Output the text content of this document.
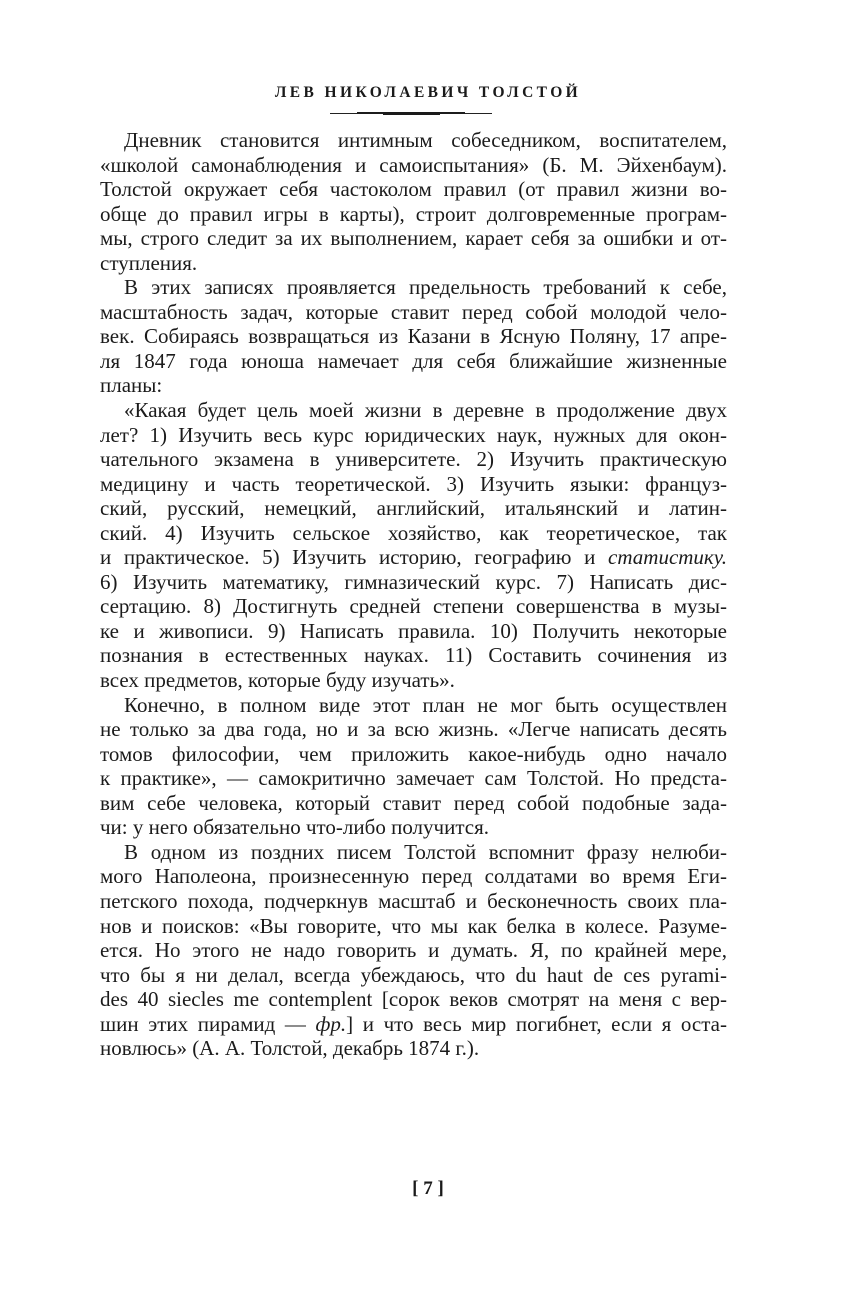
ЛЕВ НИКОЛАЕВИЧ ТОЛСТОЙ
Дневник становится интимным собеседником, воспитателем,
«школой самонаблюдения и самоиспытания» (Б. М. Эйхенбаум).
Толстой окружает себя частоколом правил (от правил жизни во-
обще до правил игры в карты), строит долговременные програм-
мы, строго следит за их выполнением, карает себя за ошибки и от-
ступления.
В этих записях проявляется предельность требований к себе,
масштабность задач, которые ставит перед собой молодой чело-
век. Собираясь возвращаться из Казани в Ясную Поляну, 17 апре-
ля 1847 года юноша намечает для себя ближайшие жизненные
планы:
«Какая будет цель моей жизни в деревне в продолжение двух
лет? 1) Изучить весь курс юридических наук, нужных для окон-
чательного экзамена в университете. 2) Изучить практическую
медицину и часть теоретической. 3) Изучить языки: француз-
ский, русский, немецкий, английский, итальянский и латин-
ский. 4) Изучить сельское хозяйство, как теоретическое, так
и практическое. 5) Изучить историю, географию и статистику.
6) Изучить математику, гимназический курс. 7) Написать дис-
сертацию. 8) Достигнуть средней степени совершенства в музы-
ке и живописи. 9) Написать правила. 10) Получить некоторые
познания в естественных науках. 11) Составить сочинения из
всех предметов, которые буду изучать».
Конечно, в полном виде этот план не мог быть осуществлен
не только за два года, но и за всю жизнь. «Легче написать десять
томов философии, чем приложить какое-нибудь одно начало
к практике», — самокритично замечает сам Толстой. Но предста-
вим себе человека, который ставит перед собой подобные зада-
чи: у него обязательно что-либо получится.
В одном из поздних писем Толстой вспомнит фразу нелюби-
мого Наполеона, произнесенную перед солдатами во время Еги-
петского похода, подчеркнув масштаб и бесконечность своих пла-
нов и поисков: «Вы говорите, что мы как белка в колесе. Разуме-
ется. Но этого не надо говорить и думать. Я, по крайней мере,
что бы я ни делал, всегда убеждаюсь, что du haut de ces pyrami-
des 40 siecles me contemplent [сорок веков смотрят на меня с вер-
шин этих пирамид — фр.] и что весь мир погибнет, если я оста-
новлюсь» (А. А. Толстой, декабрь 1874 г.).
[ 7 ]
